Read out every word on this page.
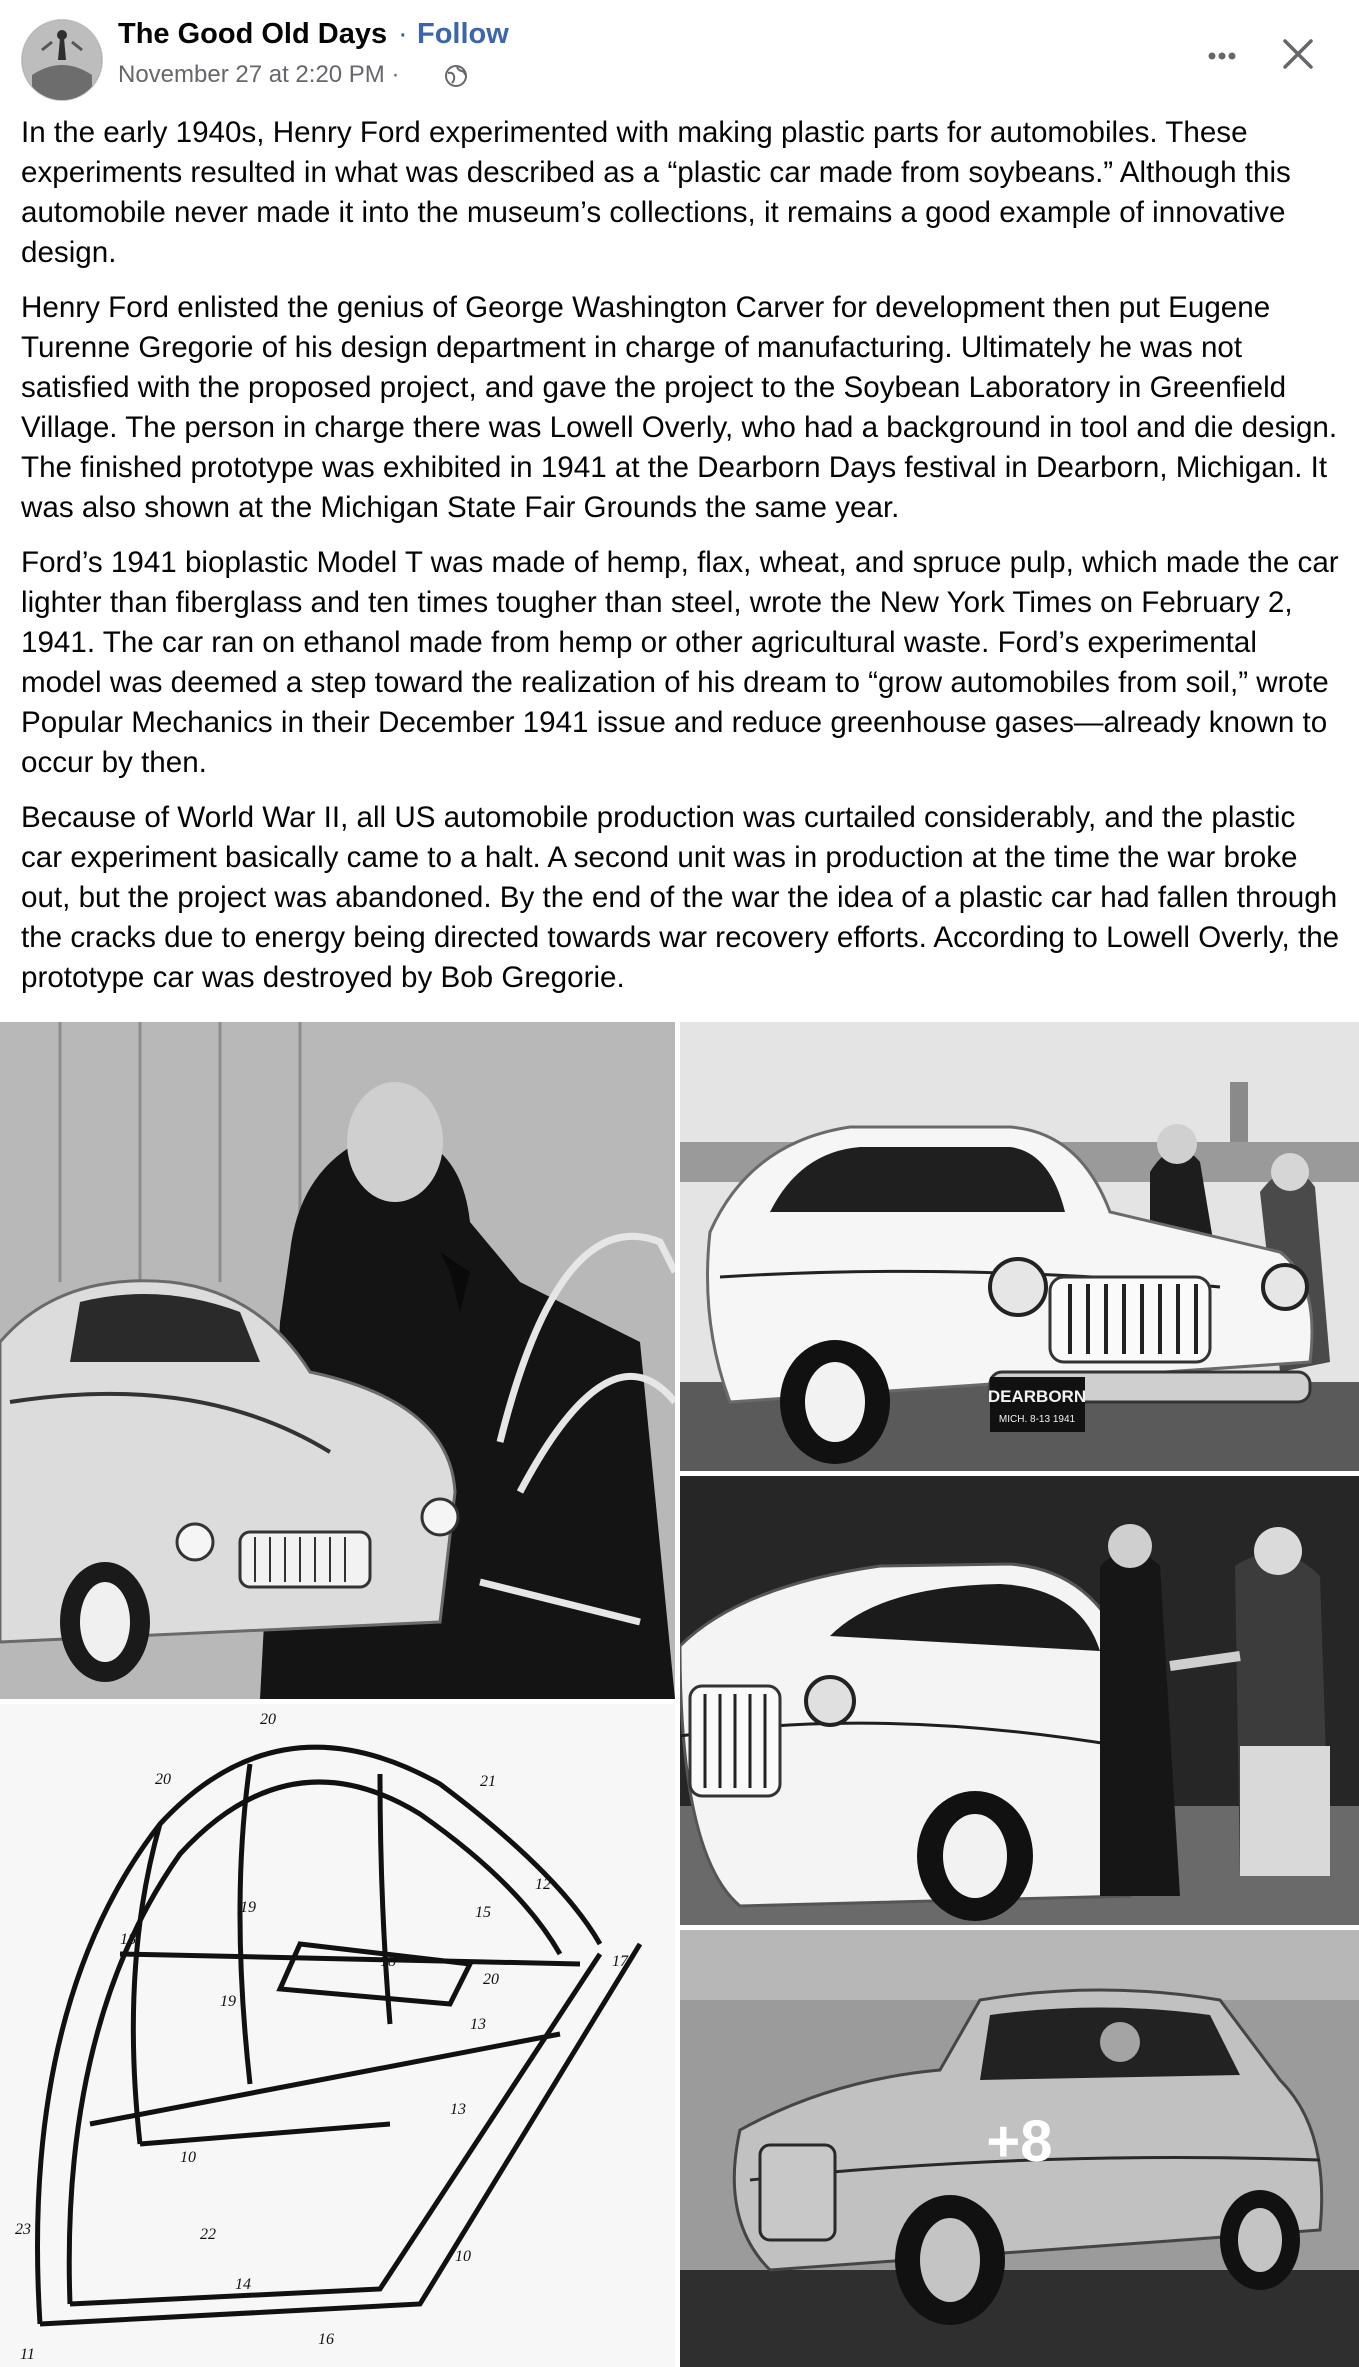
The Good Old Days · Follow
November 27 at 2:20 PM ·

In the early 1940s, Henry Ford experimented with making plastic parts for automobiles. These experiments resulted in what was described as a “plastic car made from soybeans.” Although this automobile never made it into the museum’s collections, it remains a good example of innovative design.

Henry Ford enlisted the genius of George Washington Carver for development then put Eugene Turenne Gregorie of his design department in charge of manufacturing. Ultimately he was not satisfied with the proposed project, and gave the project to the Soybean Laboratory in Greenfield Village. The person in charge there was Lowell Overly, who had a background in tool and die design. The finished prototype was exhibited in 1941 at the Dearborn Days festival in Dearborn, Michigan. It was also shown at the Michigan State Fair Grounds the same year.

Ford’s 1941 bioplastic Model T was made of hemp, flax, wheat, and spruce pulp, which made the car lighter than fiberglass and ten times tougher than steel, wrote the New York Times on February 2, 1941. The car ran on ethanol made from hemp or other agricultural waste. Ford’s experimental model was deemed a step toward the realization of his dream to “grow automobiles from soil,” wrote Popular Mechanics in their December 1941 issue and reduce greenhouse gases—already known to occur by then.

Because of World War II, all US automobile production was curtailed considerably, and the plastic car experiment basically came to a halt. A second unit was in production at the time the war broke out, but the project was abandoned. By the end of the war the idea of a plastic car had fallen through the cracks due to energy being directed towards war recovery efforts. According to Lowell Overly, the prototype car was destroyed by Bob Gregorie.

DEARBORN
MICH. 8-13 1941
20
20	21
12
15
19
18
18
20
17
19
13
13
10
23	22
14
10
16
11
+8
